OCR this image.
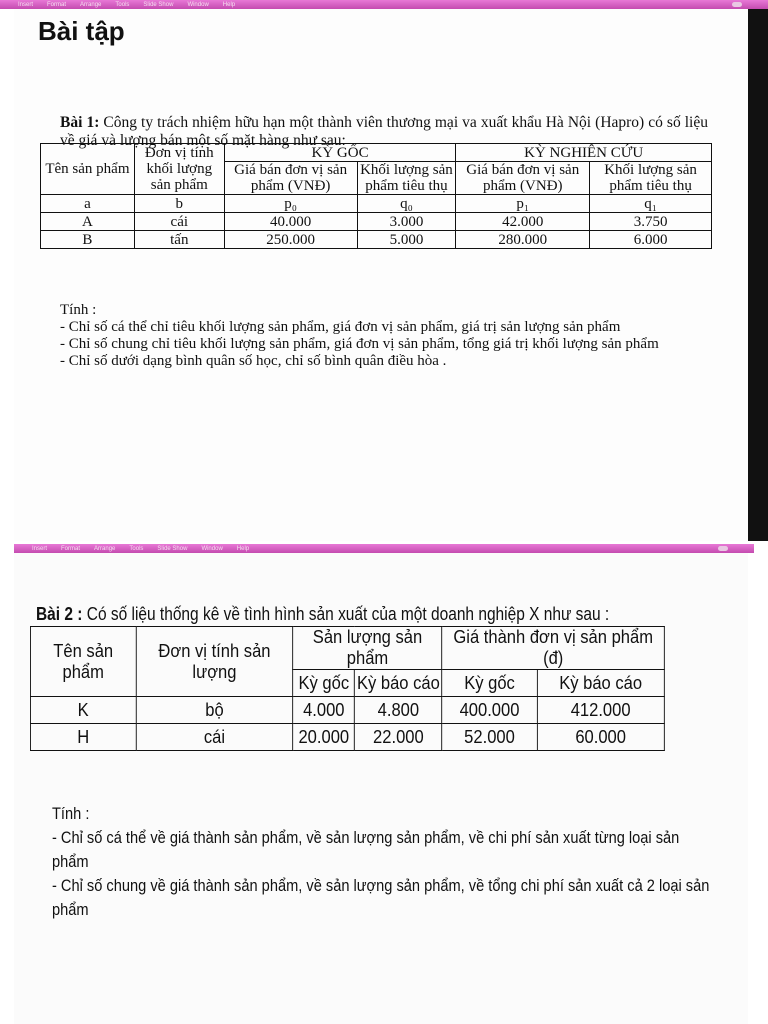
Insert Format Arrange Tools Slide Show Window Help
Bài tập
Bài 1: Công ty trách nhiệm hữu hạn một thành viên thương mại va xuất khẩu Hà Nội (Hapro) có số liệu về giá và lượng bán một số mặt hàng như sau:
Tên sản phẩm	Đơn vị tính khối lượng sản phẩm	KỲ GỐC		KỲ NGHIÊN CỨU	
		Giá bán đơn vị sản phẩm (VNĐ)	Khối lượng sản phẩm tiêu thụ	Giá bán đơn vị sản phẩm (VNĐ)	Khối lượng sản phẩm tiêu thụ
a	b	p₀	q₀	p₁	q₁
A	cái	40.000	3.000	42.000	3.750
B	tấn	250.000	5.000	280.000	6.000
Tính :
- Chỉ số cá thể chỉ tiêu khối lượng sản phẩm, giá đơn vị sản phẩm, giá trị sản lượng sản phẩm
- Chỉ số chung chỉ tiêu khối lượng sản phẩm, giá đơn vị sản phẩm, tổng giá trị khối lượng sản phẩm
- Chỉ số dưới dạng bình quân số học, chỉ số bình quân điều hòa .
Insert Format Arrange Tools Slide Show Window Help
Bài 2 : Có số liệu thống kê về tình hình sản xuất của một doanh nghiệp X như sau :
Tên sản phẩm	Đơn vị tính sản lượng	Sản lượng sản phẩm		Giá thành đơn vị sản phẩm (đ)	
		Kỳ gốc	Kỳ báo cáo	Kỳ gốc	Kỳ báo cáo
K	bộ	4.000	4.800	400.000	412.000
H	cái	20.000	22.000	52.000	60.000
Tính :
- Chỉ số cá thể về giá thành sản phẩm, về sản lượng sản phẩm, về chi phí sản xuất từng loại sản phẩm
- Chỉ số chung về giá thành sản phẩm, về sản lượng sản phẩm, về tổng chi phí sản xuất cả 2 loại sản phẩm
